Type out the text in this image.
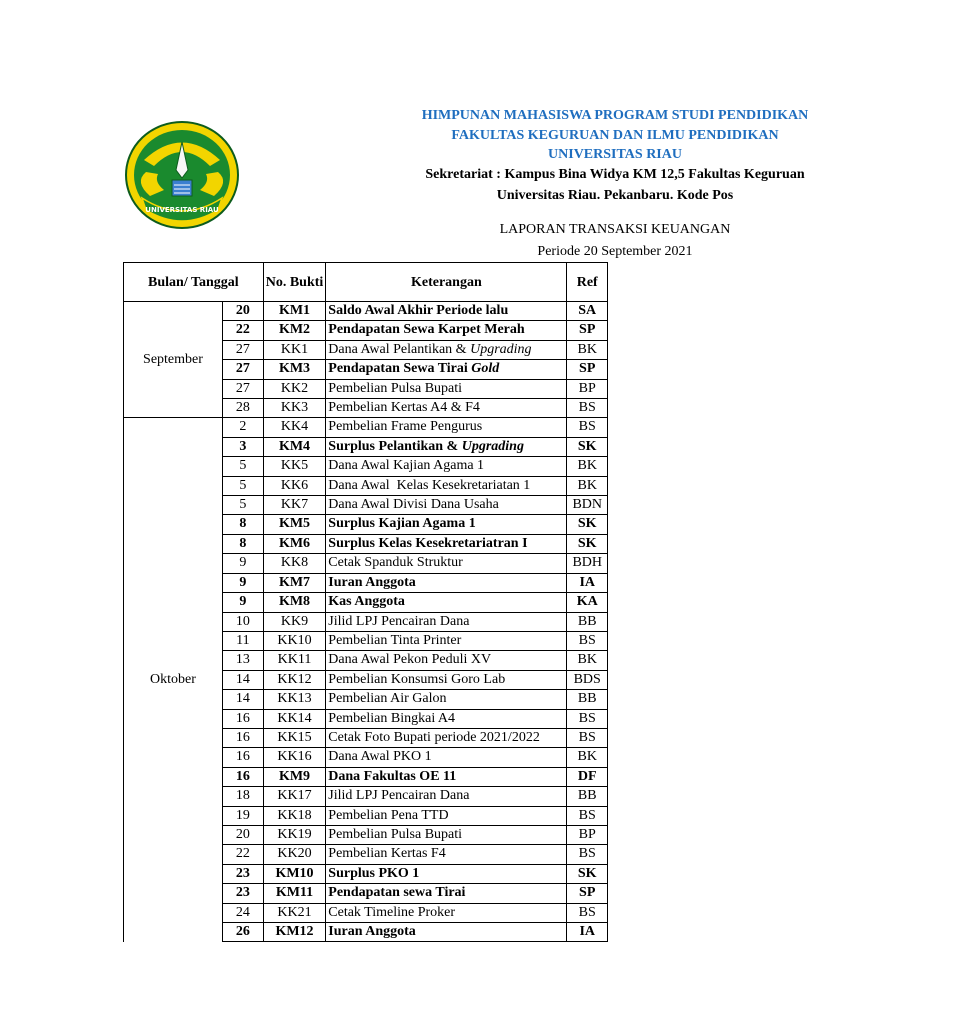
UNIVERSITAS RIAU
HIMPUNAN MAHASISWA PROGRAM STUDI PENDIDIKAN
FAKULTAS KEGURUAN DAN ILMU PENDIDIKAN
UNIVERSITAS RIAU
Sekretariat : Kampus Bina Widya KM 12,5 Fakultas Keguruan
Universitas Riau. Pekanbaru. Kode Pos
LAPORAN TRANSAKSI KEUANGAN
Periode 20 September 2021
Bulan/ Tanggal		No. Bukti	Keterangan	Ref
September	20	KM1	Saldo Awal Akhir Periode lalu	SA
	22	KM2	Pendapatan Sewa Karpet Merah	SP
	27	KK1	Dana Awal Pelantikan & Upgrading	BK
	27	KM3	Pendapatan Sewa Tirai Gold	SP
	27	KK2	Pembelian Pulsa Bupati	BP
	28	KK3	Pembelian Kertas A4 & F4	BS
Oktober	2	KK4	Pembelian Frame Pengurus	BS
	3	KM4	Surplus Pelantikan & Upgrading	SK
	5	KK5	Dana Awal Kajian Agama 1	BK
	5	KK6	Dana Awal  Kelas Kesekretariatan 1	BK
	5	KK7	Dana Awal Divisi Dana Usaha	BDN
	8	KM5	Surplus Kajian Agama 1	SK
	8	KM6	Surplus Kelas Kesekretariatran I	SK
	9	KK8	Cetak Spanduk Struktur	BDH
	9	KM7	Iuran Anggota	IA
	9	KM8	Kas Anggota	KA
	10	KK9	Jilid LPJ Pencairan Dana	BB
	11	KK10	Pembelian Tinta Printer	BS
	13	KK11	Dana Awal Pekon Peduli XV	BK
	14	KK12	Pembelian Konsumsi Goro Lab	BDS
	14	KK13	Pembelian Air Galon	BB
	16	KK14	Pembelian Bingkai A4	BS
	16	KK15	Cetak Foto Bupati periode 2021/2022	BS
	16	KK16	Dana Awal PKO 1	BK
	16	KM9	Dana Fakultas OE 11	DF
	18	KK17	Jilid LPJ Pencairan Dana	BB
	19	KK18	Pembelian Pena TTD	BS
	20	KK19	Pembelian Pulsa Bupati	BP
	22	KK20	Pembelian Kertas F4	BS
	23	KM10	Surplus PKO 1	SK
	23	KM11	Pendapatan sewa Tirai	SP
	24	KK21	Cetak Timeline Proker	BS
	26	KM12	Iuran Anggota	IA
